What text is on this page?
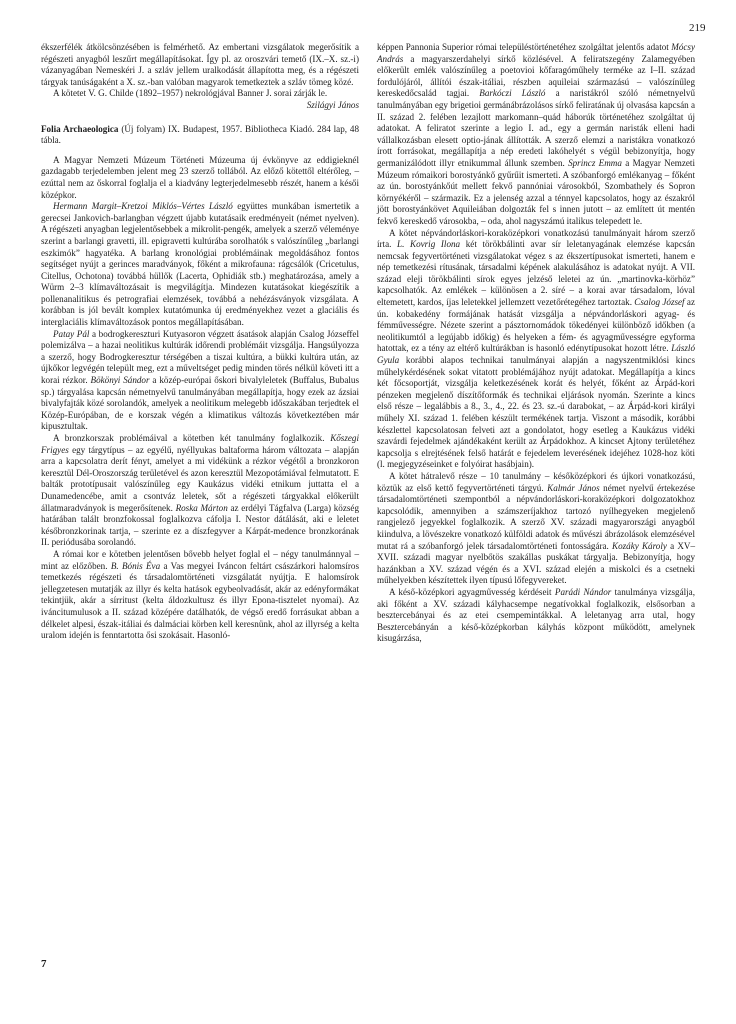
219

ékszerfélék átkölcsönzésében is felmérhető. Az embertani vizsgálatok megerősítik a régészeti anyagból leszűrt megállapításokat. Így pl. az oroszvári temető (IX.–X. sz.-i) vázanyagában Nemeskéri J. a szláv jellem uralkodását állapította meg, és a régészeti tárgyak tanúságaként a X. sz.-ban valóban magyarok temetkeztek a szláv tömeg közé.

A kötetet V. G. Childe (1892–1957) nekrológjával Banner J. sorai zárják le.

Szilágyi János

Folia Archaeologica (Új folyam) IX. Budapest, 1957. Bibliotheca Kiadó. 284 lap, 48 tábla.

A Magyar Nemzeti Múzeum Történeti Múzeuma új évkönyve az eddigieknél gazdagabb terjedelemben jelent meg 23 szerző tollából. Az előző kötettől eltérőleg, – ezúttal nem az őskorral foglalja el a kiadvány legterjedelmesebb részét, hanem a késői középkor.

Hermann Margit–Kretzoi Miklós–Vértes László együttes munkában ismertetik a gerecsei Jankovich-barlangban végzett újabb kutatásaik eredményeit (német nyelven). A régészeti anyagban legjelentősebbek a mikrolit-pengék, amelyek a szerző véleménye szerint a barlangi gravetti, ill. epigravetti kultúrába sorolhatók s valószínűleg „barlangi eszkimók” hagyatéka. A barlang kronológiai problémáinak megoldásához fontos segítséget nyújt a gerinces maradványok, főként a mikrofauna: rágcsálók (Cricetulus, Citellus, Ochotona) továbbá hüllők (Lacerta, Ophidiák stb.) meghatározása, amely a Würm 2–3 klímaváltozásait is megvilágítja. Mindezen kutatásokat kiegészítik a pollenanalitikus és petrografiai elemzések, továbbá a nehézásványok vizsgálata. A korábban is jól bevált komplex kutatómunka új eredményekhez vezet a glaciális és interglaciális klímaváltozások pontos megállapításában.

Patay Pál a bodrogkereszturi Kutyasoron végzett ásatások alapján Csalog Józseffel polemizálva – a hazai neolitikus kultúrák időrendi problémáit vizsgálja. Hangsúlyozza a szerző, hogy Bodrogkeresztur térségében a tiszai kultúra, a bükki kultúra után, az újkőkor legvégén települt meg, ezt a műveltséget pedig minden törés nélkül követi itt a korai rézkor. Bökönyi Sándor a közép-európai őskori bivalyleletek (Buffalus, Bubalus sp.) tárgyalása kapcsán németnyelvű tanulmányában megállapítja, hogy ezek az ázsiai bivalyfajták közé sorolandók, amelyek a neolitikum melegebb időszakában terjedtek el Közép-Európában, de e korszak végén a klimatikus változás következtében már kipusztultak.

A bronzkorszak problémáival a kötetben két tanulmány foglalkozik. Kőszegi Frigyes egy tárgytípus – az egyélű, nyéllyukas baltaforma három változata – alapján arra a kapcsolatra derít fényt, amelyet a mi vidékünk a rézkor végétől a bronzkoron keresztül Dél-Oroszország területével és azon keresztül Mezopotámiával felmutatott. E balták prototípusait valószínűleg egy Kaukázus vidéki etnikum juttatta el a Dunamedencébe, amit a csontváz leletek, sőt a régészeti tárgyakkal előkerült állatmaradványok is megerősítenek. Roska Márton az erdélyi Tágfalva (Larga) község határában talált bronzfokossal foglalkozva cáfolja I. Nestor dátálását, aki e leletet későbronzkorinak tartja, – szerinte ez a díszfegyver a Kárpát-medence bronzkorának II. periódusába sorolandó.

A római kor e kötetben jelentősen bővebb helyet foglal el – négy tanulmánnyal – mint az előzőben. B. Bónis Éva a Vas megyei Iváncon feltárt császárkori halomsíros temetkezés régészeti és társadalomtörténeti vizsgálatát nyújtja. E halomsírok jellegzetesen mutatják az illyr és kelta hatások egybeolvadását, akár az edényformákat tekintjük, akár a sírritust (kelta áldozkultusz és illyr Epona-tisztelet nyomai). Az iváncitumulusok a II. század középére datálhatók, de végső eredő forrásukat abban a délkelet alpesi, észak-itáliai és dalmáciai körben kell keresnünk, ahol az illyrség a kelta uralom idején is fenntartotta ősi szokásait. Hasonló-

képpen Pannonia Superior római településtörténetéhez szolgáltat jelentős adatot Mócsy András a magyarszerdahelyi sírkő közlésével. A feliratszegény Zalamegyében előkerült emlék valószínűleg a poetovioi kőfaragóműhely terméke az I–II. század fordulójáról, állítói észak-itáliai, részben aquileiai származású – valószínűleg kereskedőcsalád tagjai. Barkóczi László a naristákról szóló németnyelvű tanulmányában egy brigetioi germánábrázolásos sírkő feliratának új olvasása kapcsán a II. század 2. felében lezajlott markomann–quád háborúk történetéhez szolgáltat új adatokat. A feliratot szerinte a legio I. ad., egy a germán naristák elleni hadi vállalkozásban elesett optio-jának állították. A szerző elemzi a naristákra vonatkozó írott forrásokat, megállapítja a nép eredeti lakóhelyét s végül bebizonyítja, hogy germanizálódott illyr etnikummal állunk szemben. Sprincz Emma a Magyar Nemzeti Múzeum rómaikori borostyánkő gyűrűit ismerteti. A szóbanforgó emlékanyag – főként az ún. borostyánkőút mellett fekvő pannóniai városokból, Szombathely és Sopron környékéről – származik. Ez a jelenség azzal a ténnyel kapcsolatos, hogy az északról jött borostyánkövet Aquileiában dolgozták fel s innen jutott – az említett út mentén fekvő kereskedő városokba, – oda, ahol nagyszámú italikus telepedett le.

A kötet népvándorláskori-koraközépkori vonatkozású tanulmányait három szerző írta. L. Kovrig Ilona két törökbálinti avar sír leletanyagának elemzése kapcsán nemcsak fegyvertörténeti vizsgálatokat végez s az ékszertípusokat ismerteti, hanem e nép temetkezési rítusának, társadalmi képének alakulásához is adatokat nyújt. A VII. század eleji törökbálinti sírok egyes jelzéső leletei az ún. „martinovka-körhöz” kapcsolhatók. Az emlékek – különösen a 2. síré – a korai avar társadalom, lóval eltemetett, kardos, íjas leletekkel jellemzett vezetőrétegéhez tartoztak. Csalog József az ún. kobakedény formájának hatását vizsgálja a népvándorláskori agyag- és fémművességre. Nézete szerint a pásztornomádok tökedényei különböző időkben (a neolitikumtól a legújabb időkig) és helyeken a fém- és agyagművességre egyforma hatottak, ez a tény az eltérő kultúrákban is hasonló edénytípusokat hozott létre. László Gyula korábbi alapos technikai tanulmányai alapján a nagyszentmiklósi kincs műhelykérdésének sokat vitatott problémájához nyújt adatokat. Megállapítja a kincs két főcsoportját, vizsgálja keletkezésének korát és helyét, főként az Árpád-kori pénzeken megjelenő díszítőformák és technikai eljárások nyomán. Szerinte a kincs első része – legalábbis a 8., 3., 4., 22. és 23. sz.-ú darabokat, – az Árpád-kori királyi műhely XI. század 1. felében készült termékének tartja. Viszont a második, korábbi készlettel kapcsolatosan felveti azt a gondolatot, hogy esetleg a Kaukázus vidéki szavárdi fejedelmek ajándékaként került az Árpádokhoz. A kincset Ajtony területéhez kapcsolja s elrejtésének felső határát e fejedelem leverésének idejéhez 1028-hoz köti (l. megjegyzéseinket e folyóirat hasábjain).

A kötet hátralevő része – 10 tanulmány – későközépkori és újkori vonatkozású, köztük az első kettő fegyvertörténeti tárgyú. Kalmár János német nyelvű értekezése társadalomtörténeti szempontból a népvándorláskori-koraközépkori dolgozatokhoz kapcsolódik, amennyiben a számszeríjakhoz tartozó nyílhegyeken megjelenő rangjelező jegyekkel foglalkozik. A szerző XV. századi magyarországi anyagból kiindulva, a lövészekre vonatkozó külföldi adatok és művészi ábrázolások elemzésével mutat rá a szóbanforgó jelek társadalomtörténeti fontosságára. Kozáky Károly a XV–XVII. századi magyar nyelbőtös szakállas puskákat tárgyalja. Bebizonyítja, hogy hazánkban a XV. század végén és a XVI. század elején a miskolci és a csetneki műhelyekben készítettek ilyen típusú lőfegyvereket.

A késő-középkori agyagművesség kérdéseit Parádi Nándor tanulmánya vizsgálja, aki főként a XV. századi kályhacsempe negatívokkal foglalkozik, elsősorban a besztercebányai és az etei csempemintákkal. A leletanyag arra utal, hogy Besztercebányán a késő-középkorban kályhás központ működött, amelynek kisugárzása,

7
